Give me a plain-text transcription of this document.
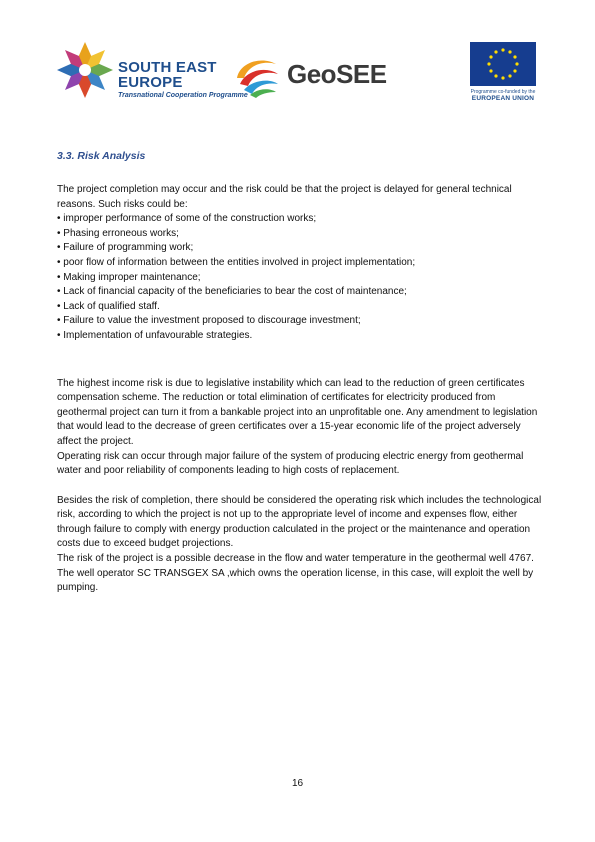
SOUTH EAST
EUROPE
Transnational Cooperation Programme
GeoSEE
Programme co-funded by the
EUROPEAN UNION
3.3. Risk Analysis

The project completion may occur and the risk could be that the project is delayed for general technical reasons. Such risks could be:

• improper performance of some of the construction works;
• Phasing erroneous works;
• Failure of programming work;
• poor flow of information between the entities involved in project implementation;
• Making improper maintenance;
• Lack of financial capacity of the beneficiaries to bear the cost of maintenance;
• Lack of qualified staff.
• Failure to value the investment proposed to discourage investment;
• Implementation of unfavourable strategies.

The highest income risk is due to legislative instability which can lead to the reduction of green certificates compensation scheme. The reduction or total elimination of certificates for electricity produced from geothermal project can turn it from a bankable project into an unprofitable one. Any amendment to legislation that would lead to the decrease of green certificates over a 15-year economic life of the project adversely affect the project.

Operating risk can occur through major failure of the system of producing electric energy from geothermal water and poor reliability of components leading to high costs of replacement.

Besides the risk of completion, there should be considered the operating risk which includes the technological risk, according to which the project is not up to the appropriate level of income and expenses flow, either through failure to comply with energy production calculated in the project or the maintenance and operation costs due to exceed budget projections.

The risk of the project is a possible decrease in the flow and water temperature in the geothermal well 4767. The well operator SC TRANSGEX SA ,which owns the operation license, in this case, will exploit the well by pumping.

16
